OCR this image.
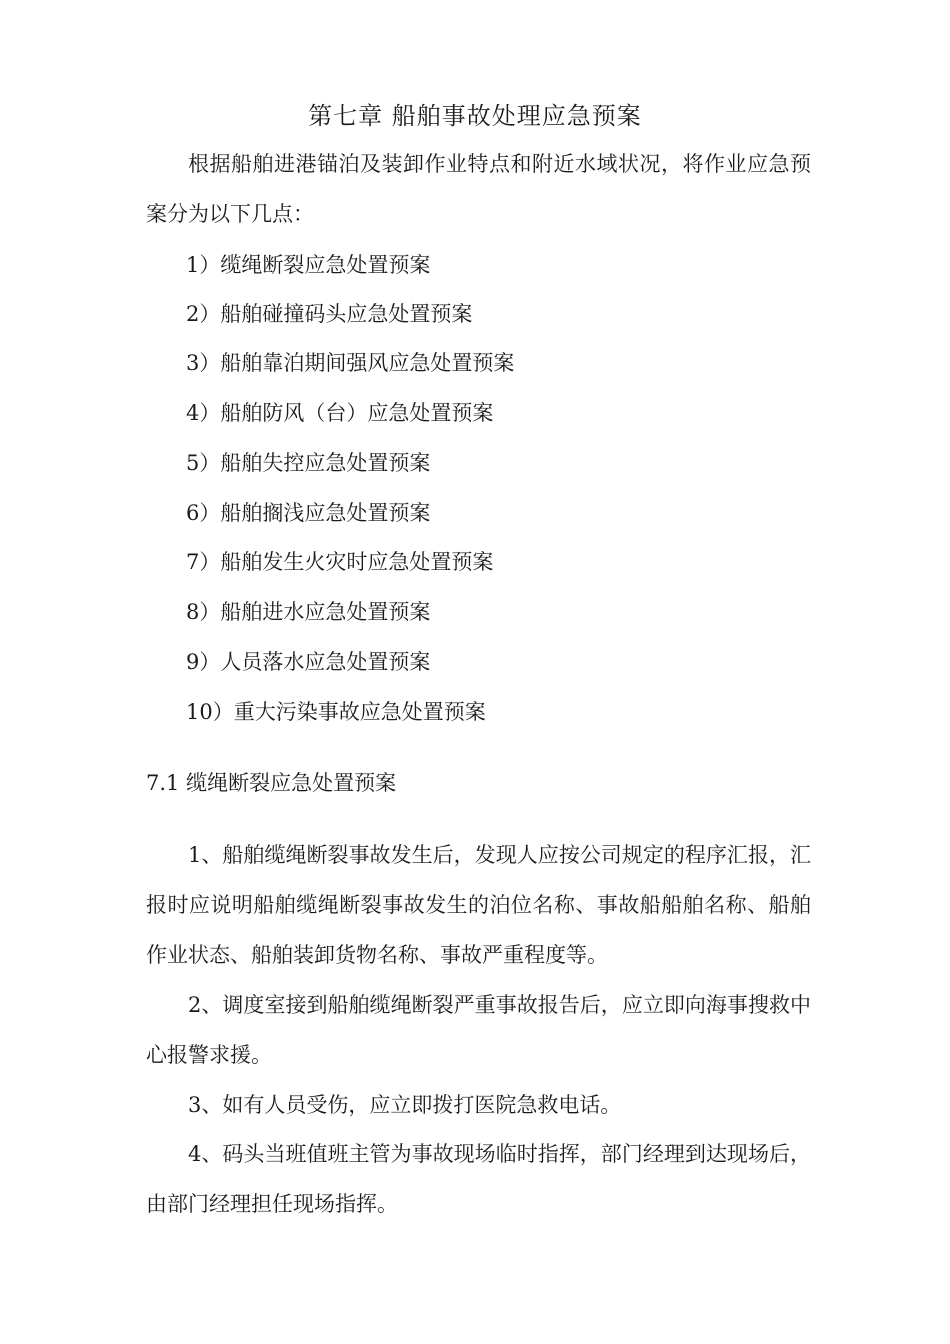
第七章 船舶事故处理应急预案
根据船舶进港锚泊及装卸作业特点和附近水域状况，将作业应急预案分为以下几点：
1）缆绳断裂应急处置预案
2）船舶碰撞码头应急处置预案
3）船舶靠泊期间强风应急处置预案
4）船舶防风（台）应急处置预案
5）船舶失控应急处置预案
6）船舶搁浅应急处置预案
7）船舶发生火灾时应急处置预案
8）船舶进水应急处置预案
9）人员落水应急处置预案
10）重大污染事故应急处置预案
7.1 缆绳断裂应急处置预案
1、船舶缆绳断裂事故发生后，发现人应按公司规定的程序汇报，汇报时应说明船舶缆绳断裂事故发生的泊位名称、事故船船舶名称、船舶作业状态、船舶装卸货物名称、事故严重程度等。
2、调度室接到船舶缆绳断裂严重事故报告后，应立即向海事搜救中心报警求援。
3、如有人员受伤，应立即拨打医院急救电话。
4、码头当班值班主管为事故现场临时指挥，部门经理到达现场后，由部门经理担任现场指挥。
